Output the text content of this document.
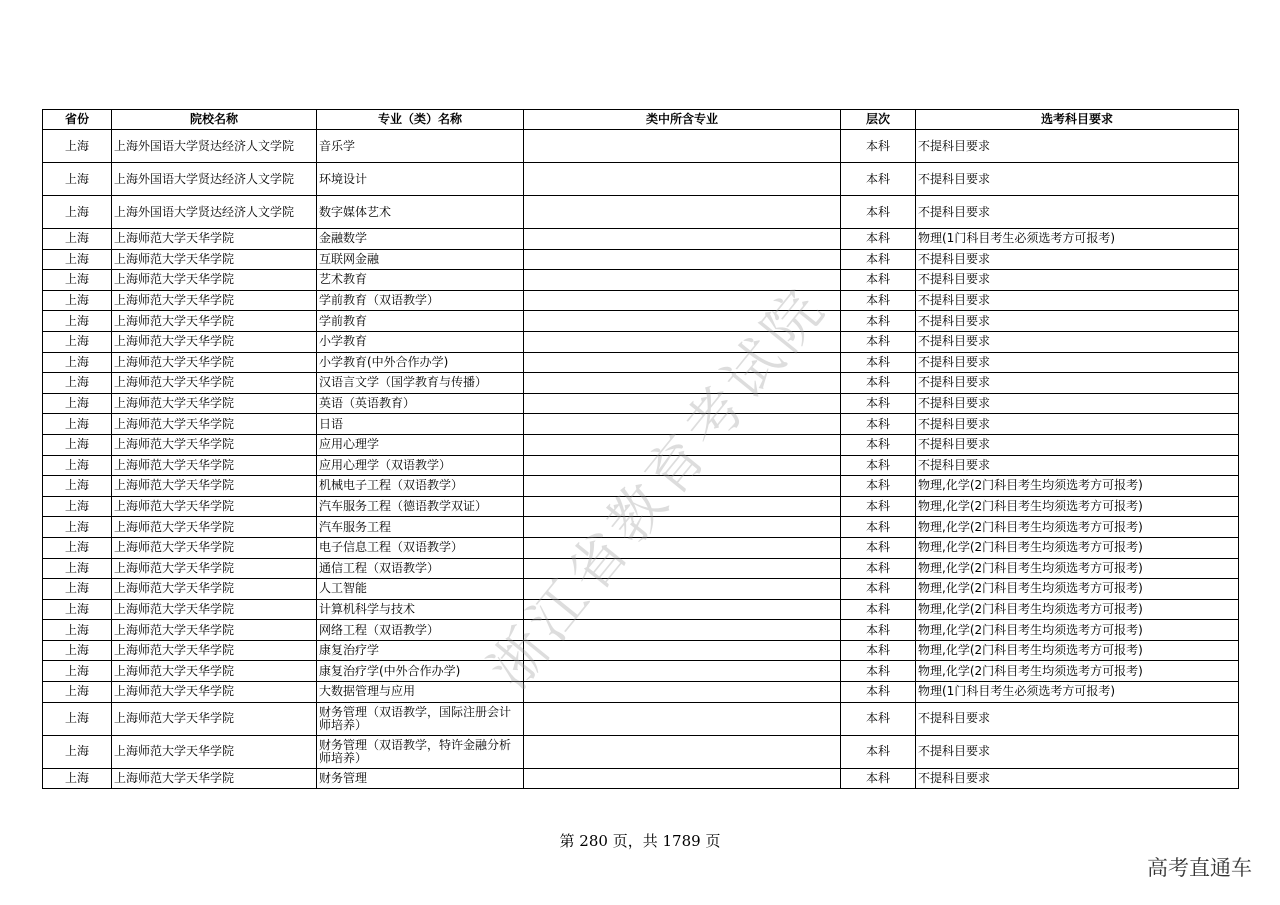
省份	院校名称	专业（类）名称	类中所含专业	层次	选考科目要求
上海	上海外国语大学贤达经济人文学院	音乐学		本科	不提科目要求
上海	上海外国语大学贤达经济人文学院	环境设计		本科	不提科目要求
上海	上海外国语大学贤达经济人文学院	数字媒体艺术		本科	不提科目要求
上海	上海师范大学天华学院	金融数学		本科	物理(1门科目考生必须选考方可报考)
上海	上海师范大学天华学院	互联网金融		本科	不提科目要求
上海	上海师范大学天华学院	艺术教育		本科	不提科目要求
上海	上海师范大学天华学院	学前教育（双语教学）		本科	不提科目要求
上海	上海师范大学天华学院	学前教育		本科	不提科目要求
上海	上海师范大学天华学院	小学教育		本科	不提科目要求
上海	上海师范大学天华学院	小学教育(中外合作办学)		本科	不提科目要求
上海	上海师范大学天华学院	汉语言文学（国学教育与传播）		本科	不提科目要求
上海	上海师范大学天华学院	英语（英语教育）		本科	不提科目要求
上海	上海师范大学天华学院	日语		本科	不提科目要求
上海	上海师范大学天华学院	应用心理学		本科	不提科目要求
上海	上海师范大学天华学院	应用心理学（双语教学）		本科	不提科目要求
上海	上海师范大学天华学院	机械电子工程（双语教学）		本科	物理,化学(2门科目考生均须选考方可报考)
上海	上海师范大学天华学院	汽车服务工程（德语教学双证）		本科	物理,化学(2门科目考生均须选考方可报考)
上海	上海师范大学天华学院	汽车服务工程		本科	物理,化学(2门科目考生均须选考方可报考)
上海	上海师范大学天华学院	电子信息工程（双语教学）		本科	物理,化学(2门科目考生均须选考方可报考)
上海	上海师范大学天华学院	通信工程（双语教学）		本科	物理,化学(2门科目考生均须选考方可报考)
上海	上海师范大学天华学院	人工智能		本科	物理,化学(2门科目考生均须选考方可报考)
上海	上海师范大学天华学院	计算机科学与技术		本科	物理,化学(2门科目考生均须选考方可报考)
上海	上海师范大学天华学院	网络工程（双语教学）		本科	物理,化学(2门科目考生均须选考方可报考)
上海	上海师范大学天华学院	康复治疗学		本科	物理,化学(2门科目考生均须选考方可报考)
上海	上海师范大学天华学院	康复治疗学(中外合作办学)		本科	物理,化学(2门科目考生均须选考方可报考)
上海	上海师范大学天华学院	大数据管理与应用		本科	物理(1门科目考生必须选考方可报考)
上海	上海师范大学天华学院	财务管理（双语教学，国际注册会计师培养）		本科	不提科目要求
上海	上海师范大学天华学院	财务管理（双语教学，特许金融分析师培养）		本科	不提科目要求
上海	上海师范大学天华学院	财务管理		本科	不提科目要求
浙江省教育考试院
第 280 页，共 1789 页
高考直通车
